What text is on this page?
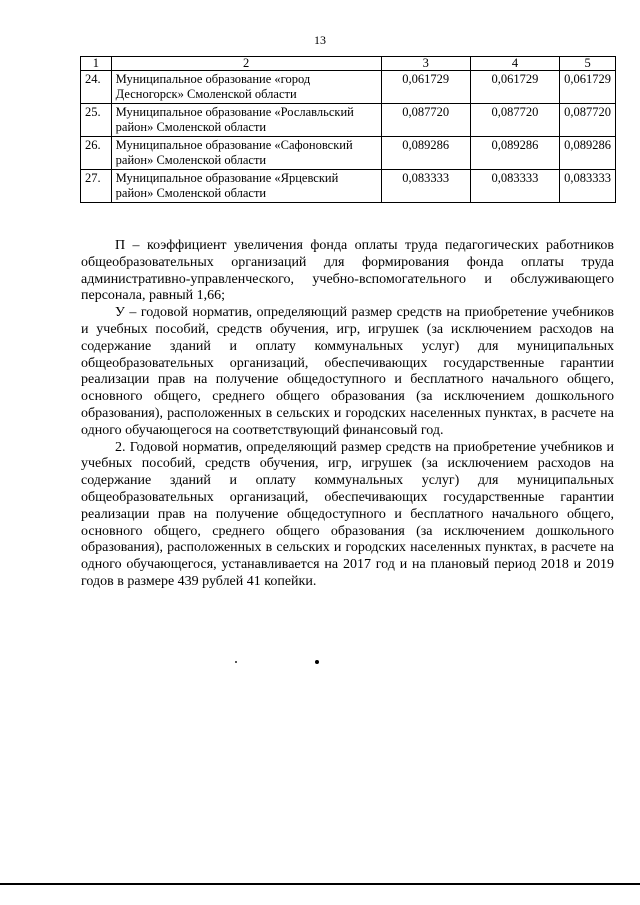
13
1	2	3	4	5
24.	Муниципальное образование «город Десногорск» Смоленской области	0,061729	0,061729	0,061729
25.	Муниципальное образование «Рославльский район» Смоленской области	0,087720	0,087720	0,087720
26.	Муниципальное образование «Сафоновский район» Смоленской области	0,089286	0,089286	0,089286
27.	Муниципальное образование «Ярцевский район» Смоленской области	0,083333	0,083333	0,083333

П – коэффициент увеличения фонда оплаты труда педагогических работников общеобразовательных организаций для формирования фонда оплаты труда административно-управленческого, учебно-вспомогательного и обслуживающего персонала, равный 1,66;

У – годовой норматив, определяющий размер средств на приобретение учебников и учебных пособий, средств обучения, игр, игрушек (за исключением расходов на содержание зданий и оплату коммунальных услуг) для муниципальных общеобразовательных организаций, обеспечивающих государственные гарантии реализации прав на получение общедоступного и бесплатного начального общего, основного общего, среднего общего образования (за исключением дошкольного образования), расположенных в сельских и городских населенных пунктах, в расчете на одного обучающегося на соответствующий финансовый год.

2. Годовой норматив, определяющий размер средств на приобретение учебников и учебных пособий, средств обучения, игр, игрушек (за исключением расходов на содержание зданий и оплату коммунальных услуг) для муниципальных общеобразовательных организаций, обеспечивающих государственные гарантии реализации прав на получение общедоступного и бесплатного начального общего, основного общего, среднего общего образования (за исключением дошкольного образования), расположенных в сельских и городских населенных пунктах, в расчете на одного обучающегося, устанавливается на 2017 год и на плановый период 2018 и 2019 годов в размере 439 рублей 41 копейки.
